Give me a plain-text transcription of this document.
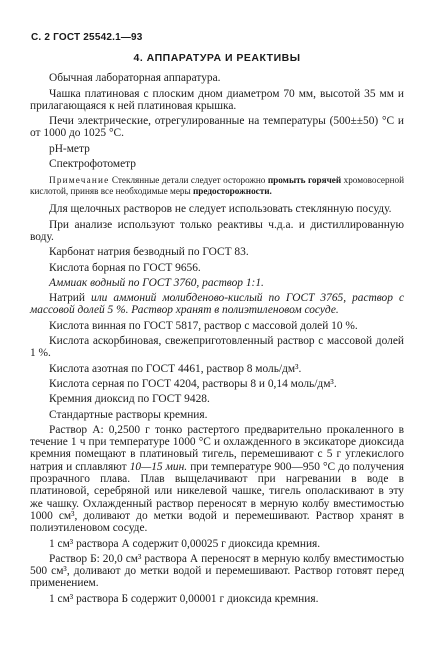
С. 2 ГОСТ 25542.1—93
4. АППАРАТУРА И РЕАКТИВЫ

Обычная лабораторная аппаратура.

Чашка платиновая с плоским дном диаметром 70 мм, высотой 35 мм и прилагающаяся к ней платиновая крышка.

Печи электрические, отрегулированные на температуры (500±±50) °С и от 1000 до 1025 °С.

pH-метр

Спектрофотометр

Примечание Стеклянные детали следует осторожно промыть горячей хромовосерной кислотой, приняв все необходимые меры предосторожности.

Для щелочных растворов не следует использовать стеклянную посуду.

При анализе используют только реактивы ч.д.а. и дистиллированную воду.

Карбонат натрия безводный по ГОСТ 83.

Кислота борная по ГОСТ 9656.

Аммиак водный по ГОСТ 3760, раствор 1:1.

Натрий или аммоний молибденово-кислый по ГОСТ 3765, раствор с массовой долей 5 %. Раствор хранят в полиэтиленовом сосуде.

Кислота винная по ГОСТ 5817, раствор с массовой долей 10 %.

Кислота аскорбиновая, свежеприготовленный раствор с массовой долей 1 %.

Кислота азотная по ГОСТ 4461, раствор 8 моль/дм³.

Кислота серная по ГОСТ 4204, растворы 8 и 0,14 моль/дм³.

Кремния диоксид по ГОСТ 9428.

Стандартные растворы кремния.

Раствор А: 0,2500 г тонко растертого предварительно прокаленного в течение 1 ч при температуре 1000 °С и охлажденного в эксикаторе диоксида кремния помещают в платиновый тигель, перемешивают с 5 г углекислого натрия и сплавляют 10—15 мин. при температуре 900—950 °С до получения прозрачного плава. Плав выщелачивают при нагревании в воде в платиновой, серебряной или никелевой чашке, тигель ополаскивают в эту же чашку. Охлажденный раствор переносят в мерную колбу вместимостью 1000 см³, доливают до метки водой и перемешивают. Раствор хранят в полиэтиленовом сосуде.

1 см³ раствора А содержит 0,00025 г диоксида кремния.

Раствор Б: 20,0 см³ раствора А переносят в мерную колбу вместимостью 500 см³, доливают до метки водой и перемешивают. Раствор готовят перед применением.

1 см³ раствора Б содержит 0,00001 г диоксида кремния.
